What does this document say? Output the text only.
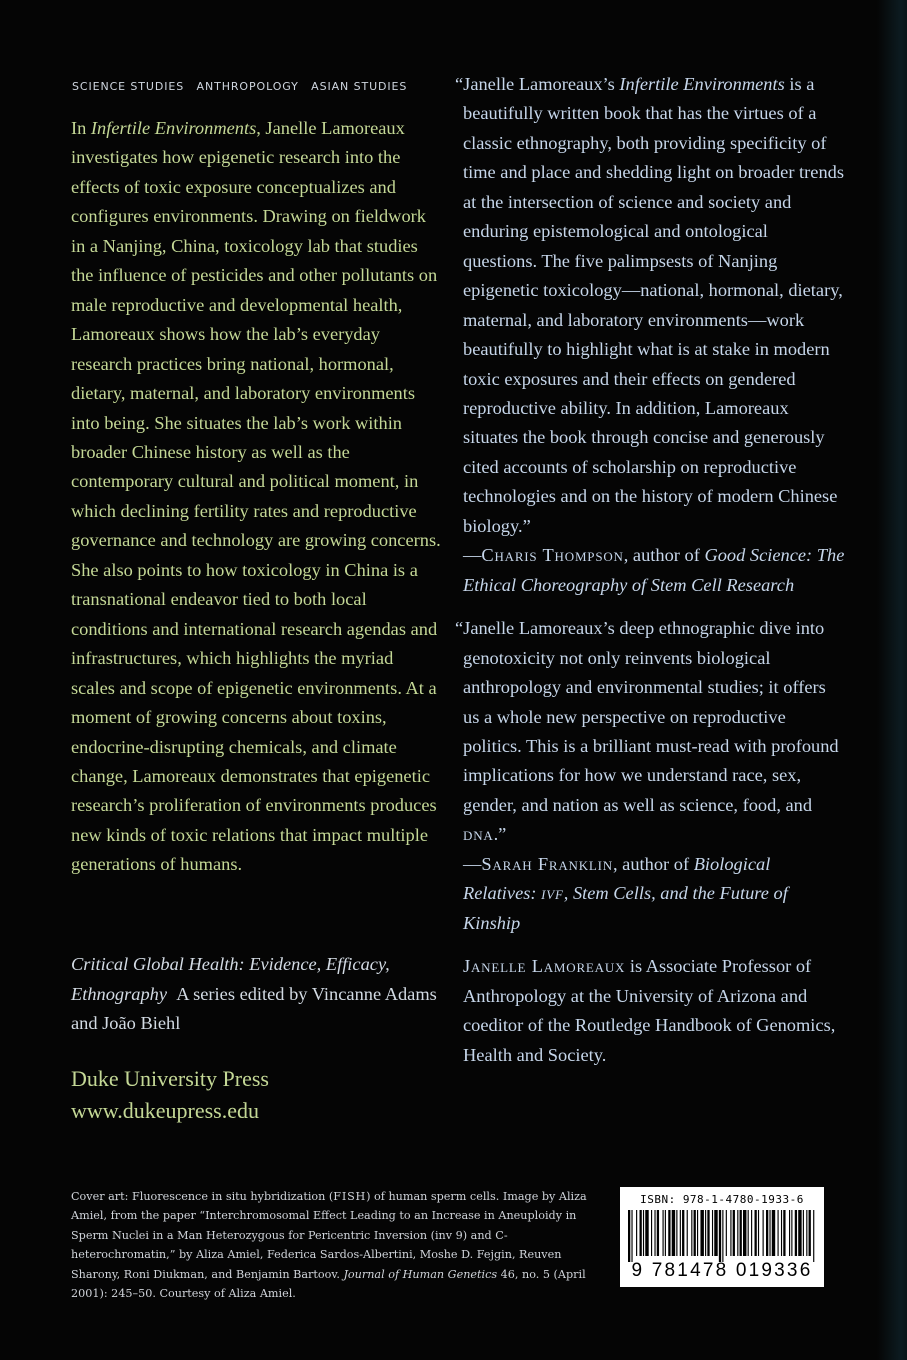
SCIENCE STUDIES ANTHROPOLOGY ASIAN STUDIES

In Infertile Environments, Janelle Lamoreaux investigates how epigenetic research into the effects of toxic exposure conceptualizes and configures environments. Drawing on fieldwork in a Nanjing, China, toxicology lab that studies the influence of pesticides and other pollutants on male reproductive and developmental health, Lamoreaux shows how the lab’s everyday research practices bring national, hormonal, dietary, maternal, and laboratory environments into being. She situates the lab’s work within broader Chinese history as well as the contemporary cultural and political moment, in which declining fertility rates and reproductive governance and technology are growing concerns. She also points to how toxicology in China is a transnational endeavor tied to both local conditions and international research agendas and infrastructures, which highlights the myriad scales and scope of epigenetic environments. At a moment of growing concerns about toxins, endocrine-disrupting chemicals, and climate change, Lamoreaux demonstrates that epigenetic research’s proliferation of environments produces new kinds of toxic relations that impact multiple generations of humans.

Critical Global Health: Evidence, Efficacy, Ethnography A series edited by Vincanne Adams and João Biehl
Duke University Press
www.dukeupress.edu

“Janelle Lamoreaux’s Infertile Environments is a beautifully written book that has the virtues of a classic ethnography, both providing specificity of time and place and shedding light on broader trends at the intersection of science and society and enduring epistemological and ontological questions. The five palimpsests of Nanjing epigenetic toxicology—national, hormonal, dietary, maternal, and laboratory environments—work beautifully to highlight what is at stake in modern toxic exposures and their effects on gendered reproductive ability. In addition, Lamoreaux situates the book through concise and generously cited accounts of scholarship on reproductive technologies and on the history of modern Chinese biology.”
—Charis Thompson, author of Good Science: The Ethical Choreography of Stem Cell Research

“Janelle Lamoreaux’s deep ethnographic dive into genotoxicity not only reinvents biological anthropology and environmental studies; it offers us a whole new perspective on reproductive politics. This is a brilliant must-read with profound implications for how we understand race, sex, gender, and nation as well as science, food, and dna.”
—Sarah Franklin, author of Biological Relatives: ivf, Stem Cells, and the Future of Kinship

Janelle Lamoreaux is Associate Professor of Anthropology at the University of Arizona and coeditor of the Routledge Handbook of Genomics, Health and Society.

Cover art: Fluorescence in situ hybridization (FISH) of human sperm cells. Image by Aliza Amiel, from the paper “Interchromosomal Effect Leading to an Increase in Aneuploidy in Sperm Nuclei in a Man Heterozygous for Pericentric Inversion (inv 9) and C-heterochromatin,” by Aliza Amiel, Federica Sardos-Albertini, Moshe D. Fejgin, Reuven Sharony, Roni Diukman, and Benjamin Bartoov. Journal of Human Genetics 46, no. 5 (April 2001): 245–50. Courtesy of Aliza Amiel.
ISBN: 978-1-4780-1933-6
9 781478 019336
